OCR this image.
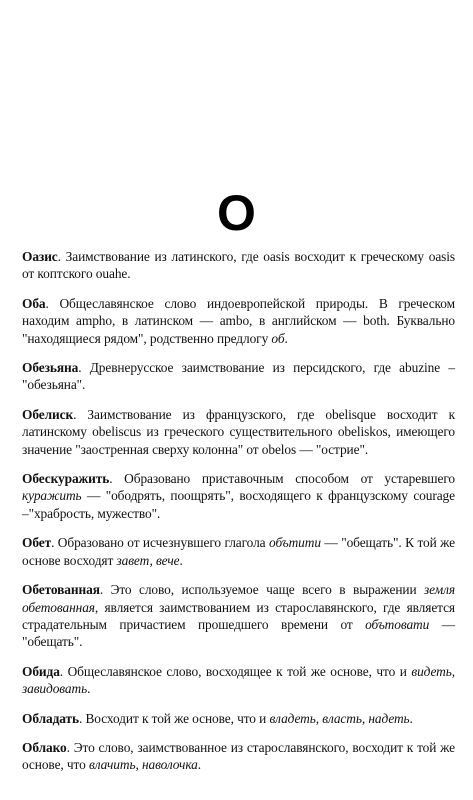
О

Оазис. Заимствование из латинского, где oasis восходит к греческому oasis от коптского ouahe.

Оба. Общеславянское слово индоевропейской природы. В греческом находим amphо, в латинском — ambo, в английском — both. Буквально "находящиеся рядом", родственно предлогу об.

Обезьяна. Древнерусское заимствование из персидского, где abuzine – "обезьяна".

Обелиск. Заимствование из французского, где obelisque восходит к латинскому obeliscus из греческого существительного obeliskos, имеющего значение "заостренная сверху колонна" от obelos — "острие".

Обескуражить. Образовано приставочным способом от устаревшего куражить — "ободрять, поощрять", восходящего к французскому courage –"храбрость, мужество".

Обет. Образовано от исчезнувшего глагола обътити — "обещать". К той же основе восходят завет, вече.

Обетованная. Это слово, используемое чаще всего в выражении земля обетованная, является заимствованием из старославянского, где является страдательным причастием прошедшего времени от обътовати — "обещать".

Обида. Общеславянское слово, восходящее к той же основе, что и видеть, завидовать.

Обладать. Восходит к той же основе, что и владеть, власть, надеть.

Облако. Это слово, заимствованное из старославянского, восходит к той же основе, что влачить, наволочка.
